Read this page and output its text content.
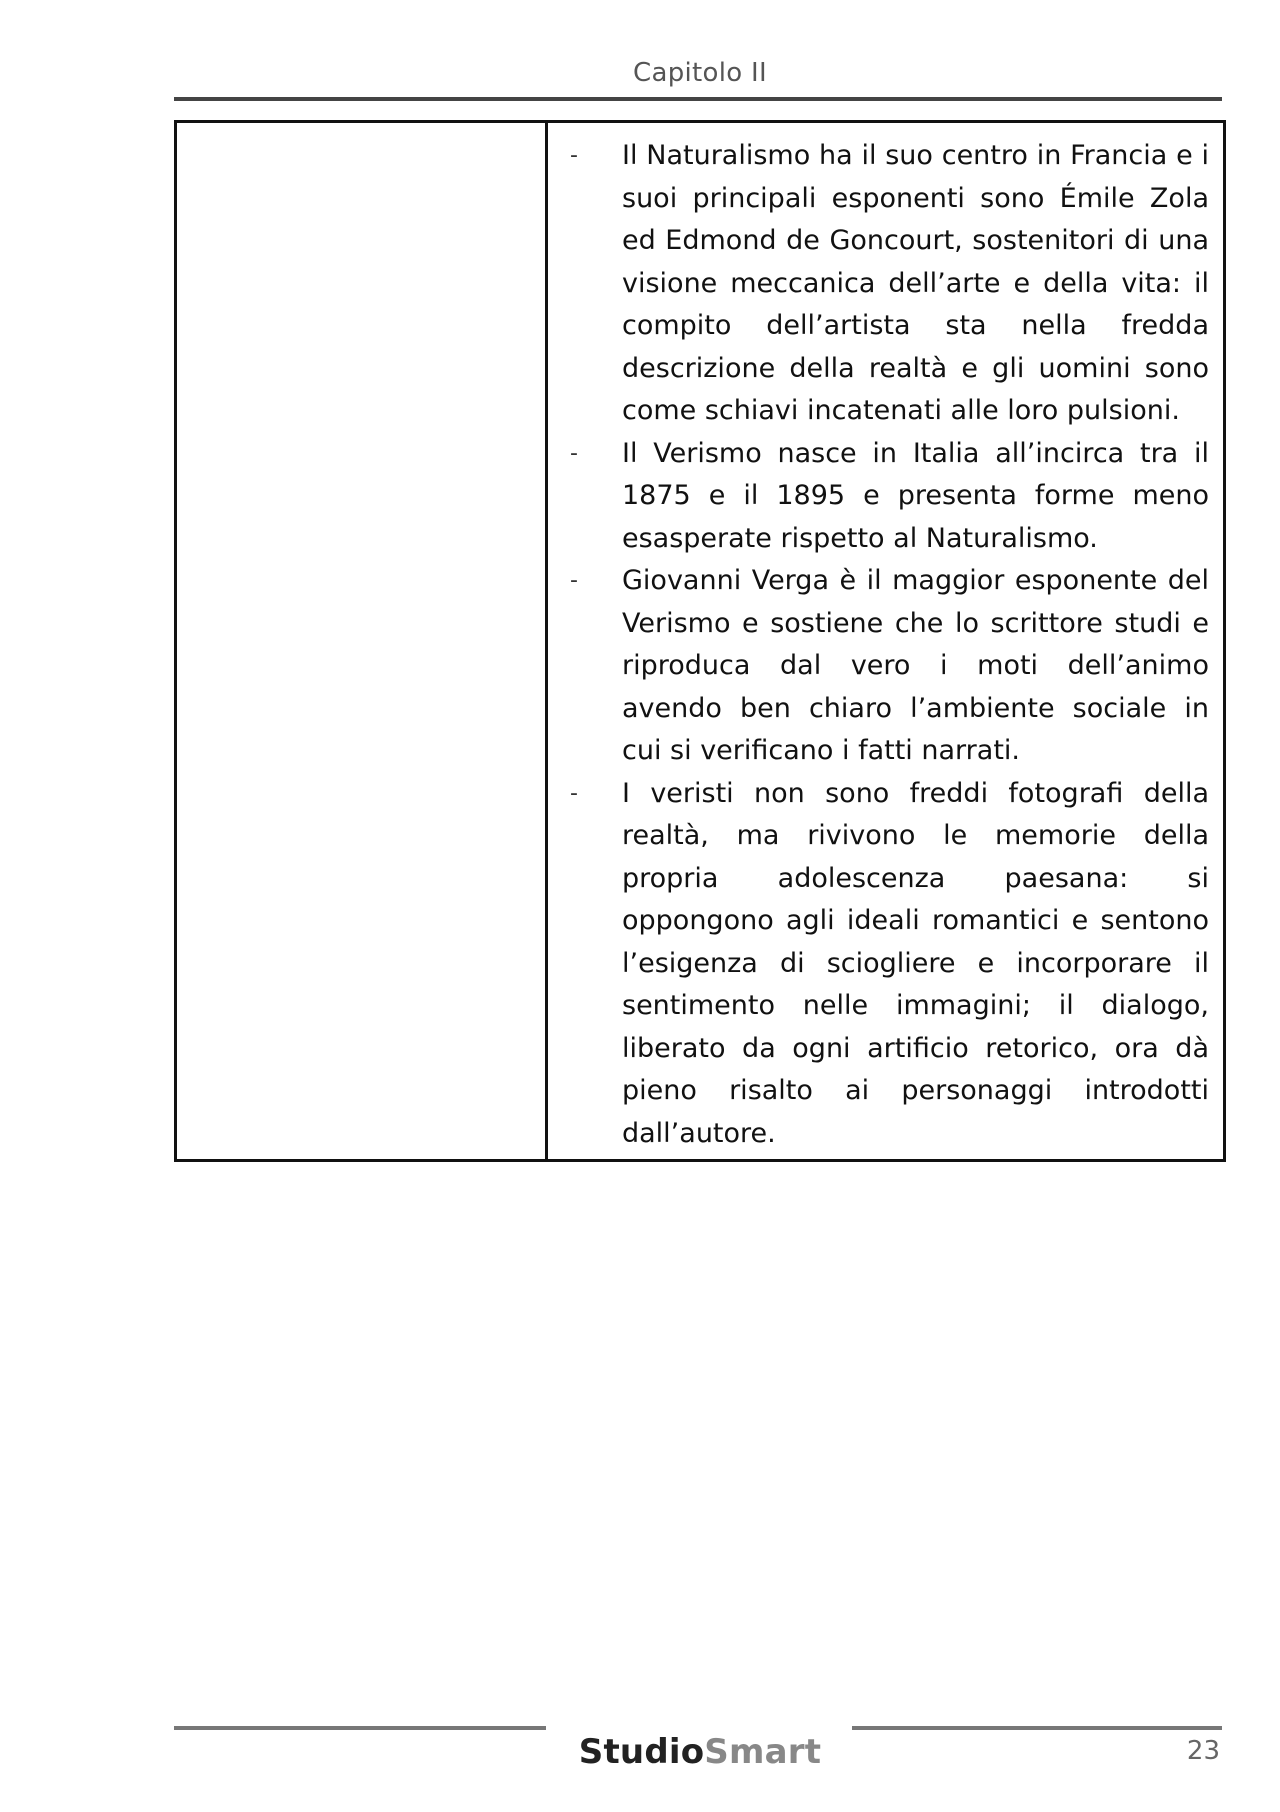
Capitolo II
- Il Naturalismo ha il suo centro in Francia e i suoi principali esponenti sono Émile Zola ed Edmond de Goncourt, sostenitori di una visione meccanica dell’arte e della vita: il compito dell’artista sta nella fredda descrizione della realtà e gli uomini sono come schiavi incatenati alle loro pulsioni.
- Il Verismo nasce in Italia all’incirca tra il 1875 e il 1895 e presenta forme meno esasperate rispetto al Naturalismo.
- Giovanni Verga è il maggior esponente del Verismo e sostiene che lo scrittore studi e riproduca dal vero i moti dell’animo avendo ben chiaro l’ambiente sociale in cui si verificano i fatti narrati.
- I veristi non sono freddi fotografi della realtà, ma rivivono le memorie della propria adolescenza paesana: si oppongono agli ideali romantici e sentono l’esigenza di sciogliere e incorporare il sentimento nelle immagini; il dialogo, liberato da ogni artificio retorico, ora dà pieno risalto ai personaggi introdotti dall’autore.
StudioSmart	23
